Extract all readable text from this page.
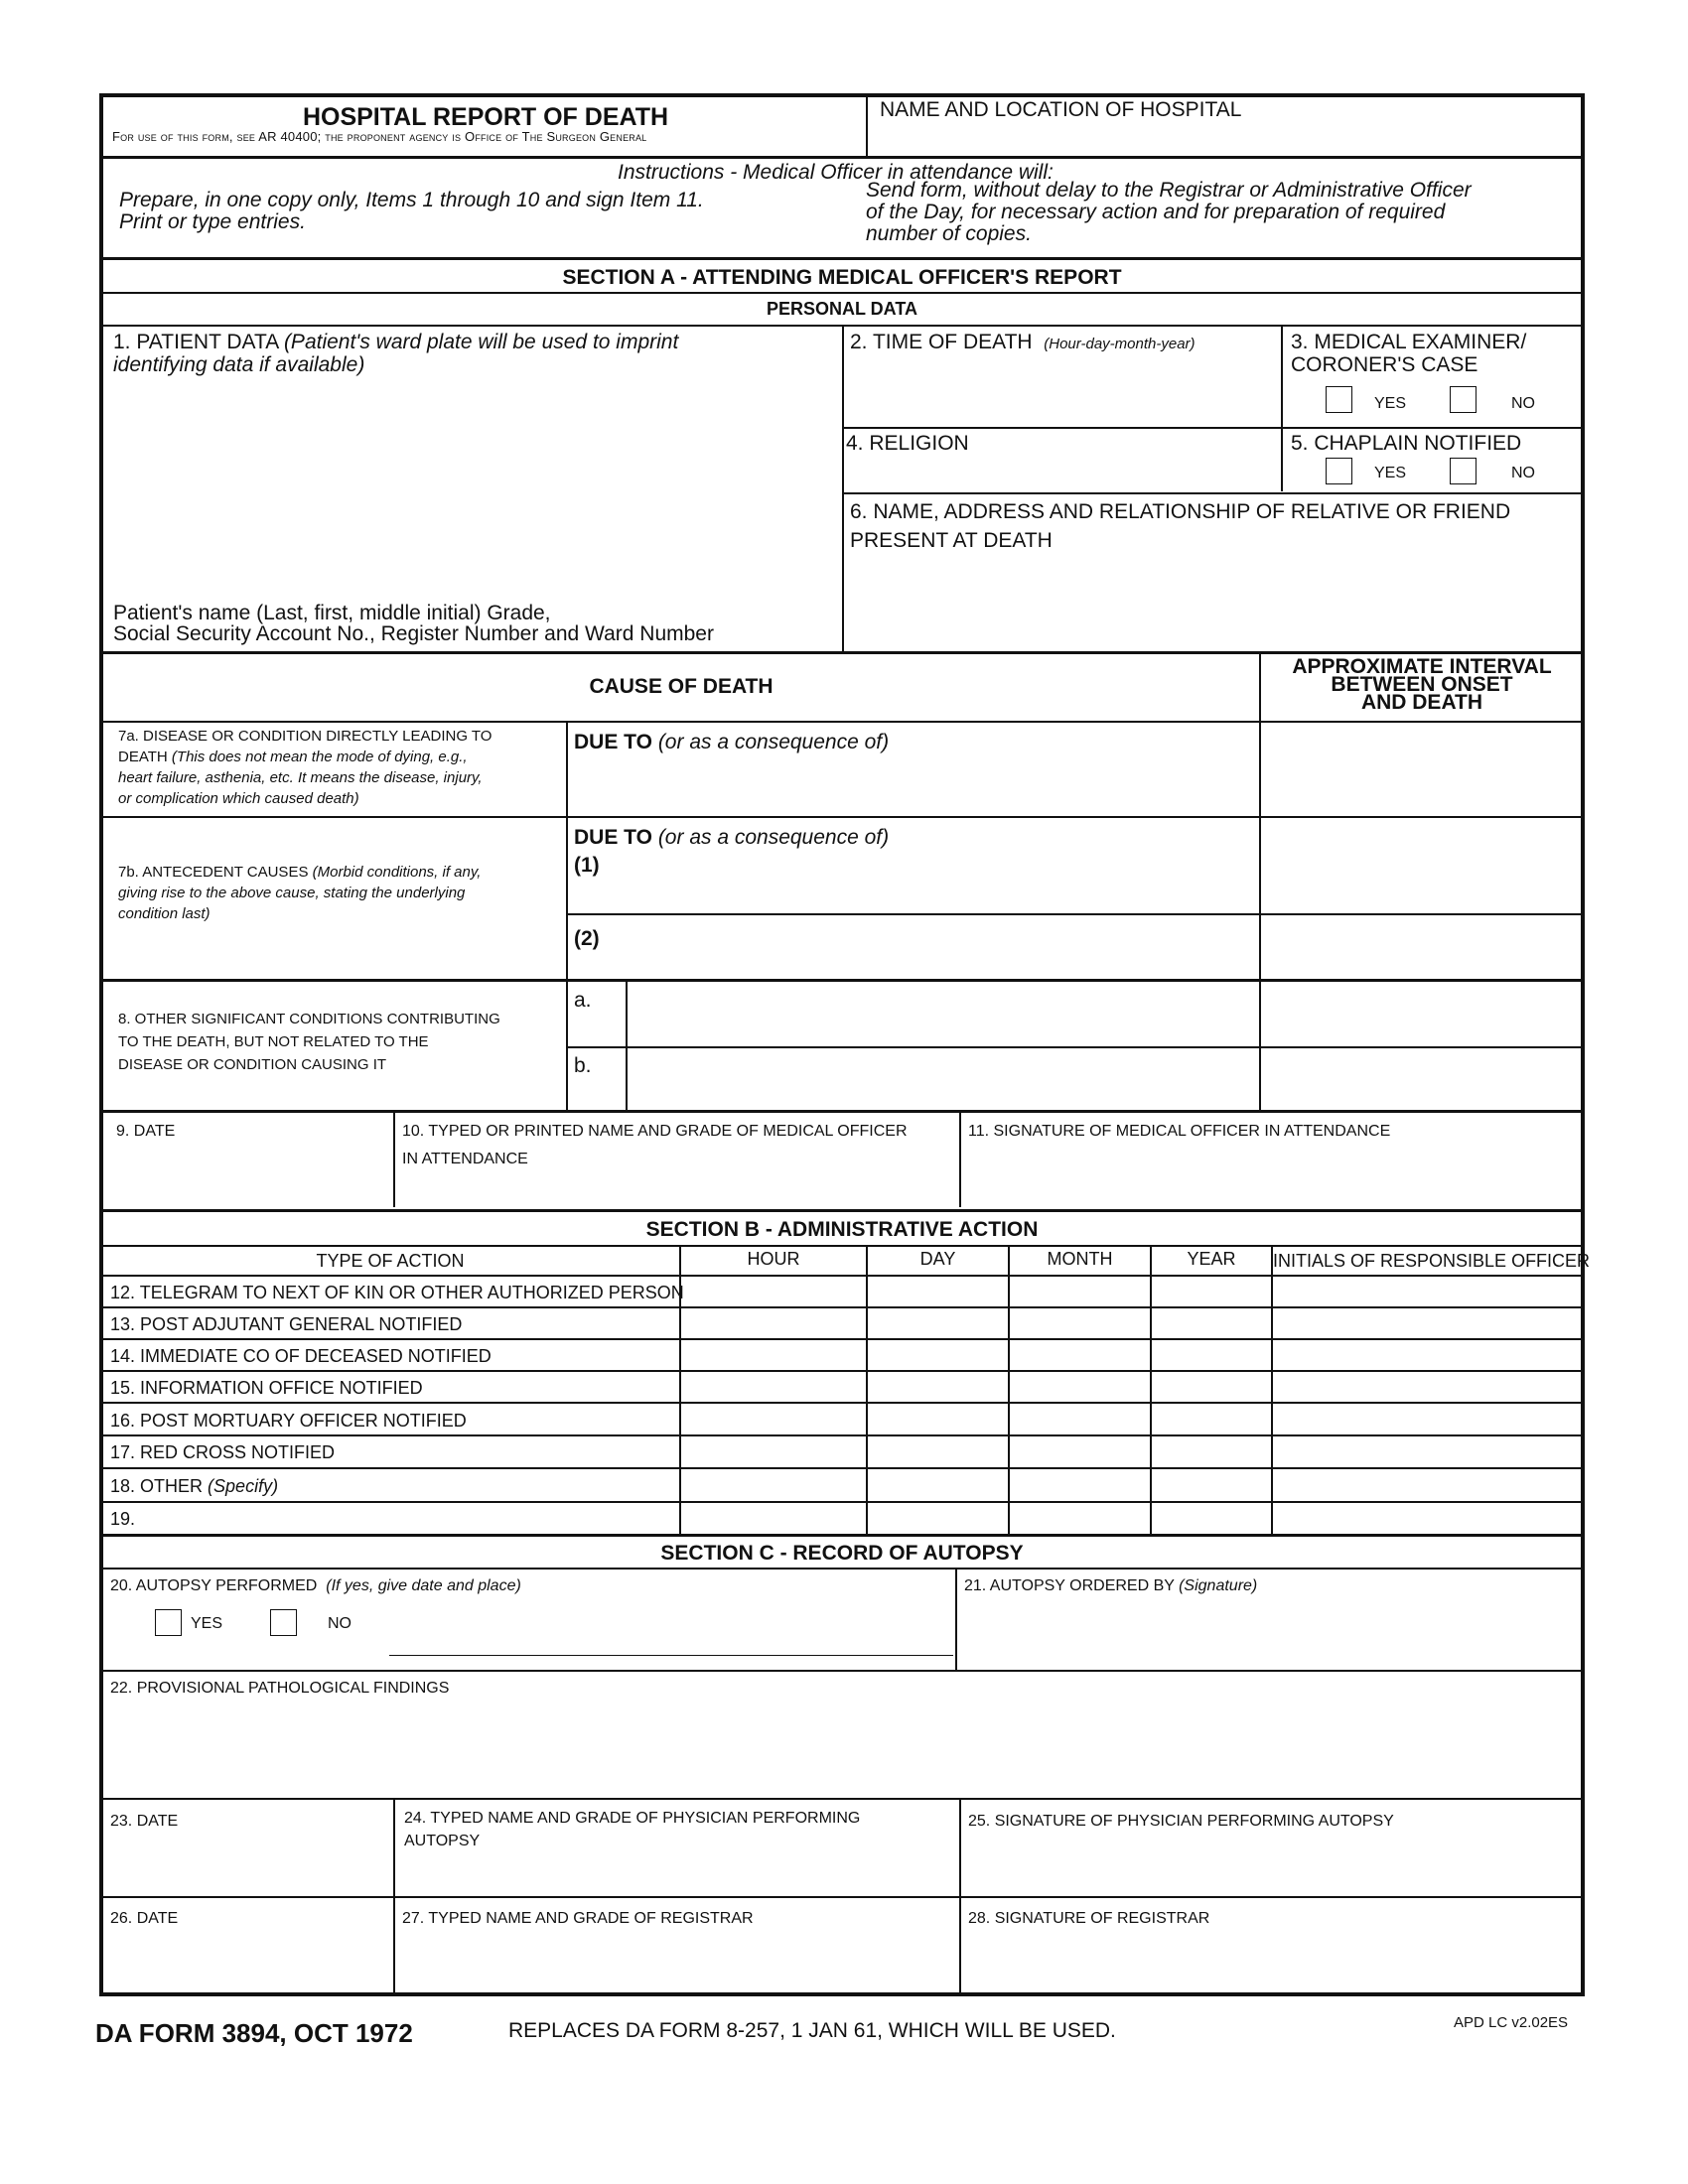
HOSPITAL REPORT OF DEATH
For use of this form, see AR 40400; the proponent agency is Office of The Surgeon General
NAME AND LOCATION OF HOSPITAL
Instructions - Medical Officer in attendance will:
Prepare, in one copy only, Items 1 through 10 and sign Item 11.
Print or type entries.
Send form, without delay to the Registrar or Administrative Officer
of the Day, for necessary action and for preparation of required
number of copies.
SECTION A - ATTENDING MEDICAL OFFICER'S REPORT
PERSONAL DATA
1. PATIENT DATA (Patient's ward plate will be used to imprint
identifying data if available)
Patient's name (Last, first, middle initial) Grade,
Social Security Account No., Register Number and Ward Number
2. TIME OF DEATH (Hour-day-month-year)	3. MEDICAL EXAMINER/
CORONER'S CASE
YES	NO
4. RELIGION	5. CHAPLAIN NOTIFIED
YES	NO
6. NAME, ADDRESS AND RELATIONSHIP OF RELATIVE OR FRIEND
PRESENT AT DEATH
CAUSE OF DEATH
APPROXIMATE INTERVAL
BETWEEN ONSET
AND DEATH
7a. DISEASE OR CONDITION DIRECTLY LEADING TO
DEATH (This does not mean the mode of dying, e.g.,
heart failure, asthenia, etc. It means the disease, injury,
or complication which caused death)
DUE TO (or as a consequence of)
7b. ANTECEDENT CAUSES (Morbid conditions, if any,
giving rise to the above cause, stating the underlying
condition last)
DUE TO (or as a consequence of)
(1)
(2)
8. OTHER SIGNIFICANT CONDITIONS CONTRIBUTING
TO THE DEATH, BUT NOT RELATED TO THE
DISEASE OR CONDITION CAUSING IT
a.
b.
9. DATE	10. TYPED OR PRINTED NAME AND GRADE OF MEDICAL OFFICER
IN ATTENDANCE
11. SIGNATURE OF MEDICAL OFFICER IN ATTENDANCE
SECTION B - ADMINISTRATIVE ACTION
TYPE OF ACTION	HOUR	DAY	MONTH	YEAR	INITIALS OF RESPONSIBLE OFFICER
12. TELEGRAM TO NEXT OF KIN OR OTHER AUTHORIZED PERSON
13. POST ADJUTANT GENERAL NOTIFIED
14. IMMEDIATE CO OF DECEASED NOTIFIED
15. INFORMATION OFFICE NOTIFIED
16. POST MORTUARY OFFICER NOTIFIED
17. RED CROSS NOTIFIED
18. OTHER (Specify)
19.
SECTION C - RECORD OF AUTOPSY
20. AUTOPSY PERFORMED (If yes, give date and place)
YES	NO
21. AUTOPSY ORDERED BY (Signature)
22. PROVISIONAL PATHOLOGICAL FINDINGS
23. DATE	24. TYPED NAME AND GRADE OF PHYSICIAN PERFORMING
AUTOPSY
25. SIGNATURE OF PHYSICIAN PERFORMING AUTOPSY
26. DATE	27. TYPED NAME AND GRADE OF REGISTRAR	28. SIGNATURE OF REGISTRAR
DA FORM 3894, OCT 1972	REPLACES DA FORM 8-257, 1 JAN 61, WHICH WILL BE USED.	APD LC v2.02ES
